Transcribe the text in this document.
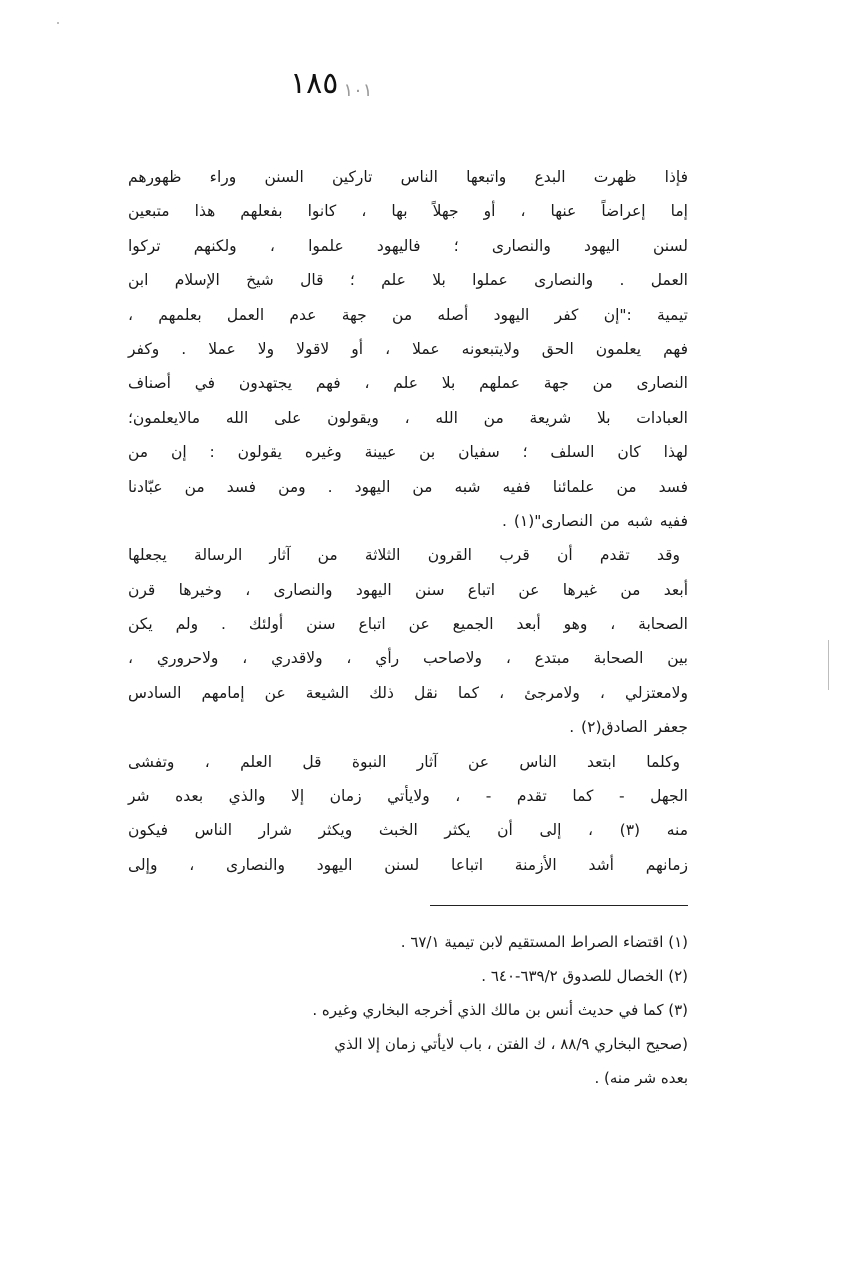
١٠١ ١٨٥
فإذا ظهرت البدع واتبعها الناس تاركين السنن وراء ظهورهم
إما إعراضاً عنها ، أو جهلاً بها ، كانوا بفعلهم هذا متبعين
لسنن اليهود والنصارى ؛ فاليهود علموا ، ولكنهم تركوا
العمل . والنصارى عملوا بلا علم ؛ قال شيخ الإسلام ابن
تيمية :"إن كفر اليهود أصله من جهة عدم العمل بعلمهم ،
فهم يعلمون الحق ولايتبعونه عملا ، أو لاقولا ولا عملا . وكفر
النصارى من جهة عملهم بلا علم ، فهم يجتهدون في أصناف
العبادات بلا شريعة من الله ، ويقولون على الله مالايعلمون؛
لهذا كان السلف ؛ سفيان بن عيينة وغيره يقولون : إن من
فسد من علمائنا ففيه شبه من اليهود . ومن فسد من عبّادنا
ففيه شبه من النصارى"(١) .
وقد تقدم أن قرب القرون الثلاثة من آثار الرسالة يجعلها
أبعد من غيرها عن اتباع سنن اليهود والنصارى ، وخيرها قرن
الصحابة ، وهو أبعد الجميع عن اتباع سنن أولئك . ولم يكن
بين الصحابة مبتدع ، ولاصاحب رأي ، ولاقدري ، ولاحروري ،
ولامعتزلي ، ولامرجئ ، كما نقل ذلك الشيعة عن إمامهم السادس
جعفر الصادق(٢) .
وكلما ابتعد الناس عن آثار النبوة قل العلم ، وتفشى
الجهل - كما تقدم - ، ولايأتي زمان إلا والذي بعده شر
منه (٣) ، إلى أن يكثر الخبث ويكثر شرار الناس فيكون
زمانهم أشد الأزمنة اتباعا لسنن اليهود والنصارى ، وإلى
(١) اقتضاء الصراط المستقيم لابن تيمية ٦٧/١ .
(٢) الخصال للصدوق ٦٣٩/٢-٦٤٠ .
(٣) كما في حديث أنس بن مالك الذي أخرجه البخاري وغيره .
(صحيح البخاري ٨٨/٩ ، ك الفتن ، باب لايأتي زمان إلا الذي
بعده شر منه) .
